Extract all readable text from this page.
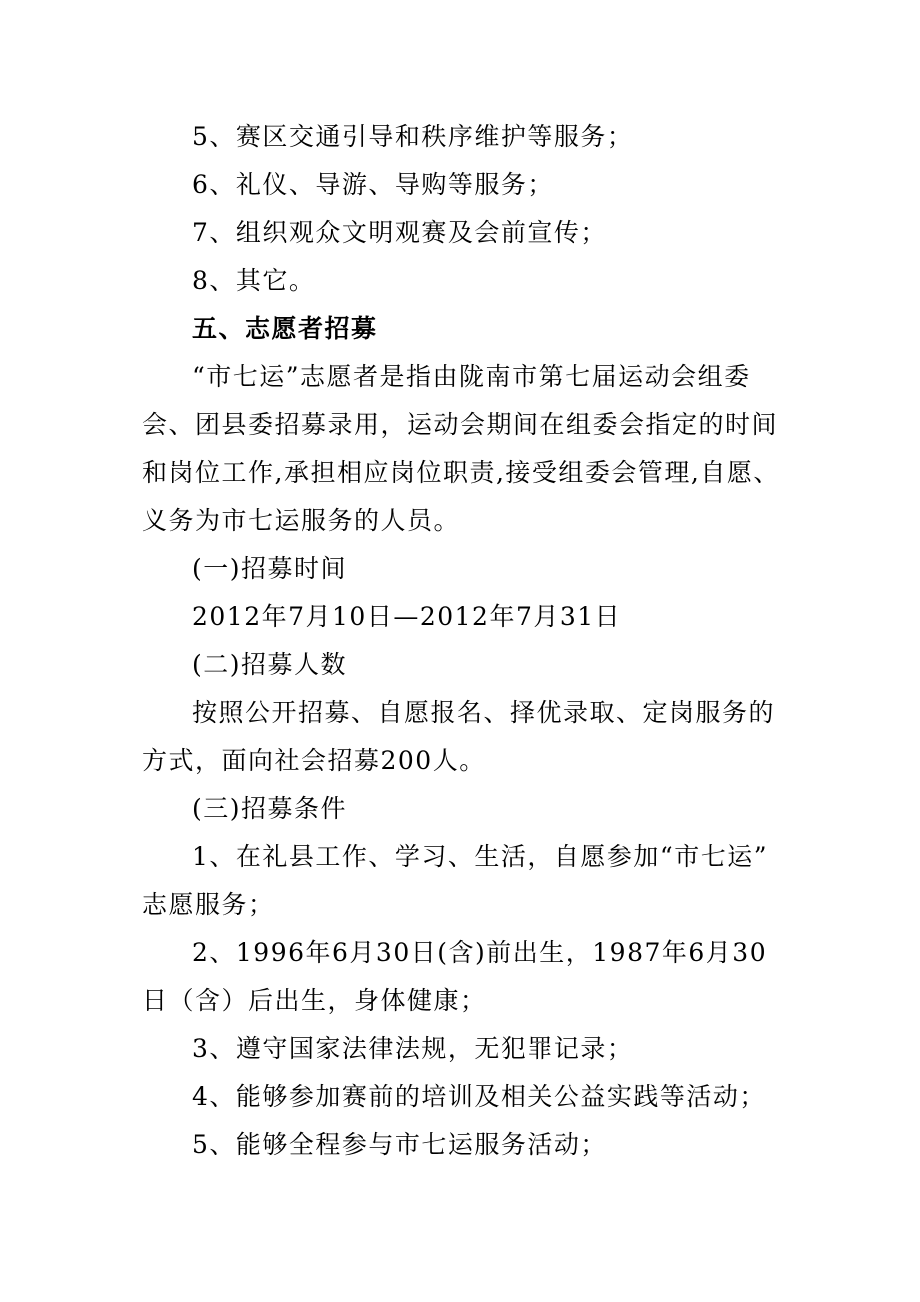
5、赛区交通引导和秩序维护等服务；
6、礼仪、导游、导购等服务；
7、组织观众文明观赛及会前宣传；
8、其它。
五、志愿者招募
“市七运”志愿者是指由陇南市第七届运动会组委
会、团县委招募录用，运动会期间在组委会指定的时间
和岗位工作,承担相应岗位职责,接受组委会管理,自愿、
义务为市七运服务的人员。
(一)招募时间
2012年7月10日—2012年7月31日
(二)招募人数
按照公开招募、自愿报名、择优录取、定岗服务的
方式，面向社会招募200人。
(三)招募条件
1、在礼县工作、学习、生活，自愿参加“市七运”
志愿服务；
2、1996年6月30日(含)前出生，1987年6月30
日（含）后出生，身体健康；
3、遵守国家法律法规，无犯罪记录；
4、能够参加赛前的培训及相关公益实践等活动；
5、能够全程参与市七运服务活动；
